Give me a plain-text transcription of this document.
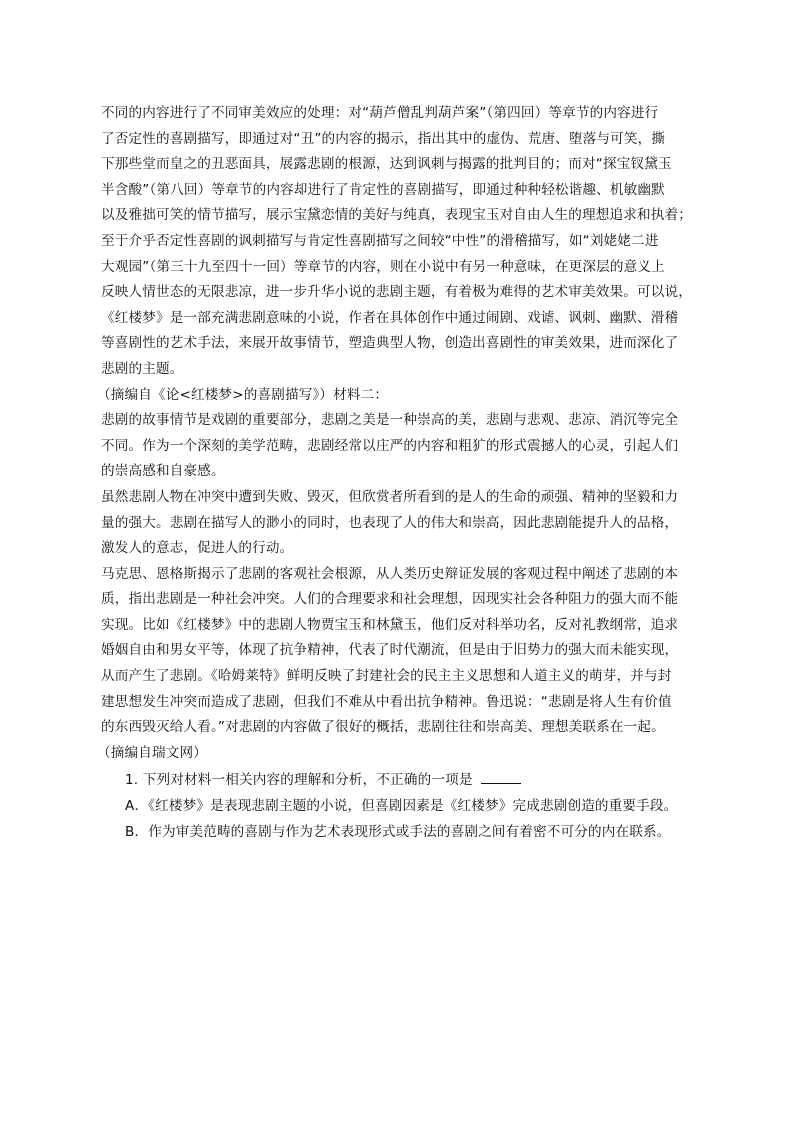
不同的内容进行了不同审美效应的处理：对“葫芦僧乱判葫芦案”（第四回）等章节的内容进行
了否定性的喜剧描写，即通过对“丑”的内容的揭示，指出其中的虚伪、荒唐、堕落与可笑，撕
下那些堂而皇之的丑恶面具，展露悲剧的根源，达到讽刺与揭露的批判目的；而对“探宝钗黛玉
半含酸”（第八回）等章节的内容却进行了肯定性的喜剧描写，即通过种种轻松谐趣、机敏幽默
以及雅拙可笑的情节描写，展示宝黛恋情的美好与纯真，表现宝玉对自由人生的理想追求和执着；
至于介乎否定性喜剧的讽刺描写与肯定性喜剧描写之间较“中性”的滑稽描写，如“刘姥姥二进
大观园”（第三十九至四十一回）等章节的内容，则在小说中有另一种意味，在更深层的意义上
反映人情世态的无限悲凉，进一步升华小说的悲剧主题，有着极为难得的艺术审美效果。可以说，
《红楼梦》是一部充满悲剧意味的小说，作者在具体创作中通过闹剧、戏谑、讽刺、幽默、滑稽
等喜剧性的艺术手法，来展开故事情节，塑造典型人物，创造出喜剧性的审美效果，进而深化了
悲剧的主题。
（摘编自《论<红楼梦>的喜剧描写》）材料二：
悲剧的故事情节是戏剧的重要部分，悲剧之美是一种崇高的美，悲剧与悲观、悲凉、消沉等完全
不同。作为一个深刻的美学范畴，悲剧经常以庄严的内容和粗犷的形式震撼人的心灵，引起人们
的崇高感和自豪感。
虽然悲剧人物在冲突中遭到失败、毁灭，但欣赏者所看到的是人的生命的顽强、精神的坚毅和力
量的强大。悲剧在描写人的渺小的同时，也表现了人的伟大和崇高，因此悲剧能提升人的品格，
激发人的意志，促进人的行动。
马克思、恩格斯揭示了悲剧的客观社会根源，从人类历史辩证发展的客观过程中阐述了悲剧的本
质，指出悲剧是一种社会冲突。人们的合理要求和社会理想，因现实社会各种阻力的强大而不能
实现。比如《红楼梦》中的悲剧人物贾宝玉和林黛玉，他们反对科举功名，反对礼教纲常，追求
婚姻自由和男女平等，体现了抗争精神，代表了时代潮流，但是由于旧势力的强大而未能实现，
从而产生了悲剧。《哈姆莱特》鲜明反映了封建社会的民主主义思想和人道主义的萌芽，并与封
建思想发生冲突而造成了悲剧，但我们不难从中看出抗争精神。鲁迅说：“悲剧是将人生有价值
的东西毁灭给人看。”对悲剧的内容做了很好的概括，悲剧往往和崇高美、理想美联系在一起。
（摘编自瑞文网）
1. 下列对材料一相关内容的理解和分析，不正确的一项是
A．《红楼梦》是表现悲剧主题的小说，但喜剧因素是《红楼梦》完成悲剧创造的重要手段。
B．作为审美范畴的喜剧与作为艺术表现形式或手法的喜剧之间有着密不可分的内在联系。
